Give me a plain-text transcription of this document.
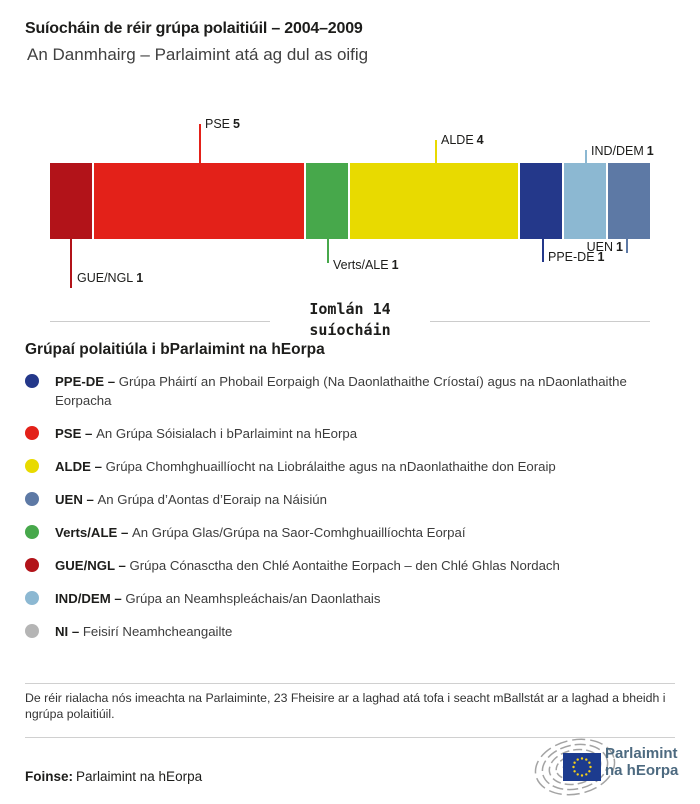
Suíocháin de réir grúpa polaitiúil – 2004–2009
An Danmhairg – Parlaimint atá ag dul as oifig
PSE 5
ALDE 4
IND/DEM 1
GUE/NGL 1
Verts/ALE 1
PPE-DE 1
UEN 1
Iomlán 14
suíocháin
Grúpaí polaitiúla i bParlaimint na hEorpa
PPE-DE – Grúpa Pháirtí an Phobail Eorpaigh (Na Daonlathaithe Críostaí) agus na nDaonlathaithe Eorpacha
PSE – An Grúpa Sóisialach i bParlaimint na hEorpa
ALDE – Grúpa Chomhghuaillíocht na Liobrálaithe agus na nDaonlathaithe don Eoraip
UEN – An Grúpa d’Aontas d’Eoraip na Náisiún
Verts/ALE – An Grúpa Glas/Grúpa na Saor-Comhghuaillíochta Eorpaí
GUE/NGL – Grúpa Cónasctha den Chlé Aontaithe Eorpach – den Chlé Ghlas Nordach
IND/DEM – Grúpa an Neamhspleáchais/an Daonlathais
NI – Feisirí Neamhcheangailte

De réir rialacha nós imeachta na Parlaiminte, 23 Fheisire ar a laghad atá tofa i seacht mBallstát ar a laghad a bheidh i ngrúpa polaitiúil.

Foinse: Parlaimint na hEorpa
Parlaimint
na hEorpa
